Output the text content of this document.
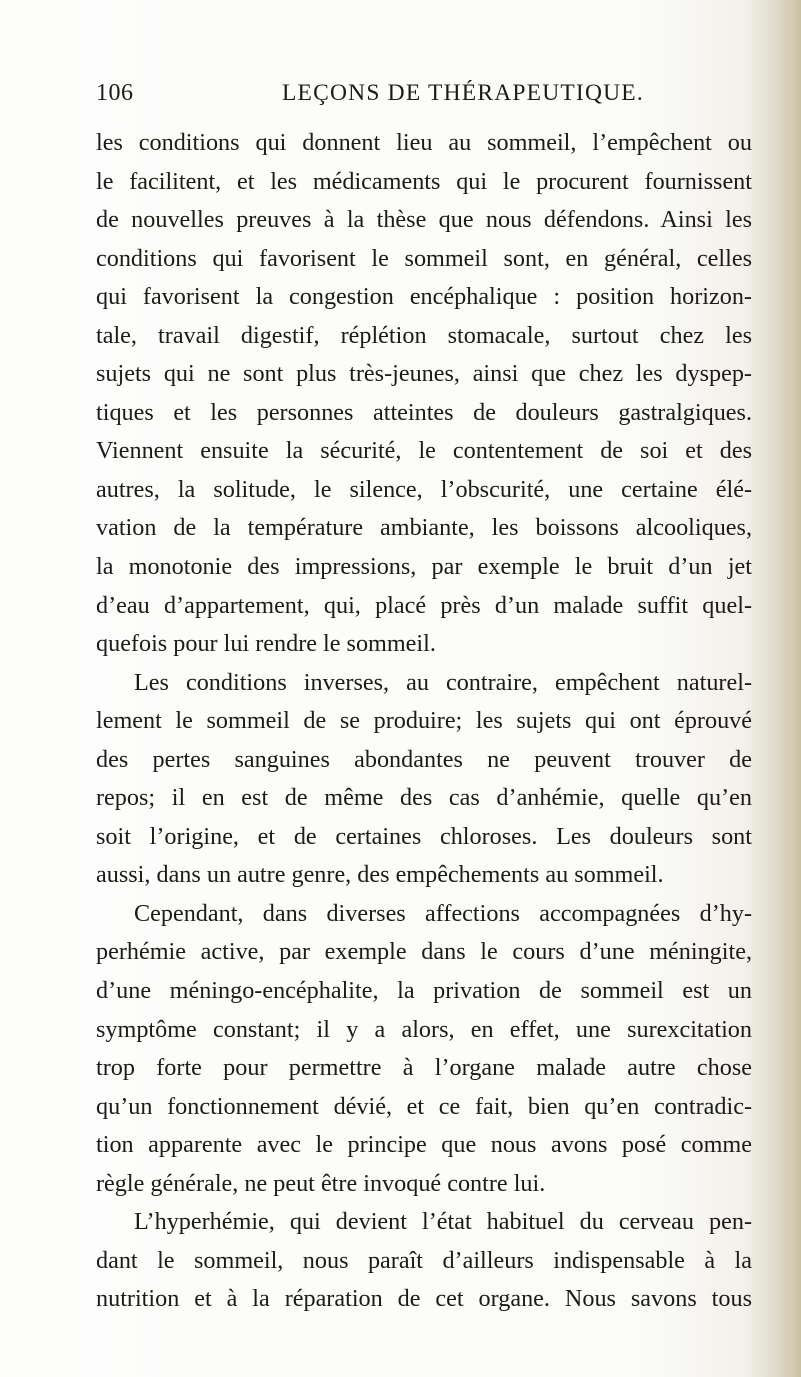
106	LEÇONS DE THÉRAPEUTIQUE.
les conditions qui donnent lieu au sommeil, l’empêchent ou
le facilitent, et les médicaments qui le procurent fournissent
de nouvelles preuves à la thèse que nous défendons. Ainsi les
conditions qui favorisent le sommeil sont, en général, celles
qui favorisent la congestion encéphalique : position horizon-
tale, travail digestif, réplétion stomacale, surtout chez les
sujets qui ne sont plus très-jeunes, ainsi que chez les dyspep-
tiques et les personnes atteintes de douleurs gastralgiques.
Viennent ensuite la sécurité, le contentement de soi et des
autres, la solitude, le silence, l’obscurité, une certaine élé-
vation de la température ambiante, les boissons alcooliques,
la monotonie des impressions, par exemple le bruit d’un jet
d’eau d’appartement, qui, placé près d’un malade suffit quel-
quefois pour lui rendre le sommeil.
Les conditions inverses, au contraire, empêchent naturel-
lement le sommeil de se produire; les sujets qui ont éprouvé
des pertes sanguines abondantes ne peuvent trouver de
repos; il en est de même des cas d’anhémie, quelle qu’en
soit l’origine, et de certaines chloroses. Les douleurs sont
aussi, dans un autre genre, des empêchements au sommeil.
Cependant, dans diverses affections accompagnées d’hy-
perhémie active, par exemple dans le cours d’une méningite,
d’une méningo-encéphalite, la privation de sommeil est un
symptôme constant; il y a alors, en effet, une surexcitation
trop forte pour permettre à l’organe malade autre chose
qu’un fonctionnement dévié, et ce fait, bien qu’en contradic-
tion apparente avec le principe que nous avons posé comme
règle générale, ne peut être invoqué contre lui.
L’hyperhémie, qui devient l’état habituel du cerveau pen-
dant le sommeil, nous paraît d’ailleurs indispensable à la
nutrition et à la réparation de cet organe. Nous savons tous
